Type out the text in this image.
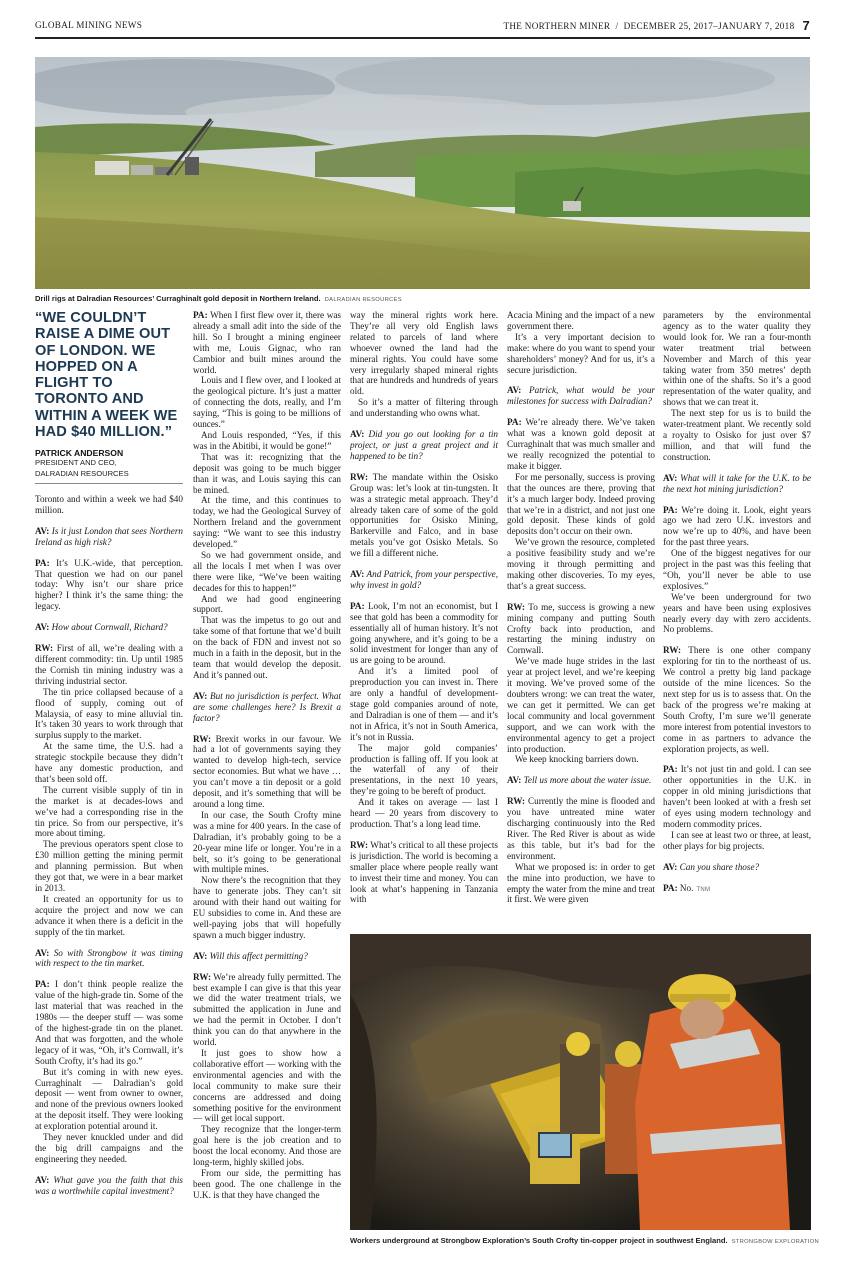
GLOBAL MINING NEWS	THE NORTHERN MINER  /  DECEMBER 25, 2017–JANUARY 7, 2018 7
Drill rigs at Dalradian Resources’ Curraghinalt gold deposit in Northern Ireland. DALRADIAN RESOURCES
“WE COULDN’T RAISE A DIME OUT OF LONDON. WE HOPPED ON A FLIGHT TO TORONTO AND WITHIN A WEEK WE HAD $40 MILLION.”
PATRICK ANDERSON
PRESIDENT AND CEO,
DALRADIAN RESOURCES

Toronto and within a week we had $40 million.

AV: Is it just London that sees Northern Ireland as high risk?

PA: It’s U.K.-wide, that perception. That question we had on our panel today: Why isn’t our share price higher? I think it’s the same thing: the legacy.

AV: How about Cornwall, Richard?

RW: First of all, we’re dealing with a different commodity: tin. Up until 1985 the Cornish tin mining industry was a thriving industrial sector.

The tin price collapsed because of a flood of supply, coming out of Malaysia, of easy to mine alluvial tin. It’s taken 30 years to work through that surplus supply to the market.

At the same time, the U.S. had a strategic stockpile because they didn’t have any domestic production, and that’s been sold off.

The current visible supply of tin in the market is at decades-lows and we’ve had a corresponding rise in the tin price. So from our perspective, it’s more about timing.

The previous operators spent close to £30 million getting the mining permit and planning permission. But when they got that, we were in a bear market in 2013.

It created an opportunity for us to acquire the project and now we can advance it when there is a deficit in the supply of the tin market.

AV: So with Strongbow it was timing with respect to the tin market.

PA: I don’t think people realize the value of the high-grade tin. Some of the last material that was reached in the 1980s — the deeper stuff — was some of the highest-grade tin on the planet. And that was forgotten, and the whole legacy of it was, “Oh, it’s Cornwall, it’s South Crofty, it’s had its go.”

But it’s coming in with new eyes. Curraghinalt — Dalradian’s gold deposit — went from owner to owner, and none of the previous owners looked at the deposit itself. They were looking at exploration potential around it.

They never knuckled under and did the big drill campaigns and the engineering they needed.

AV: What gave you the faith that this was a worthwhile capital investment?

PA: When I first flew over it, there was already a small adit into the side of the hill. So I brought a mining engineer with me, Louis Gignac, who ran Cambior and built mines around the world.

Louis and I flew over, and I looked at the geological picture. It’s just a matter of connecting the dots, really, and I’m saying, “This is going to be millions of ounces.”

And Louis responded, “Yes, if this was in the Abitibi, it would be gone!”

That was it: recognizing that the deposit was going to be much bigger than it was, and Louis saying this can be mined.

At the time, and this continues to today, we had the Geological Survey of Northern Ireland and the government saying: “We want to see this industry developed.”

So we had government onside, and all the locals I met when I was over there were like, “We’ve been waiting decades for this to happen!”

And we had good engineering support.

That was the impetus to go out and take some of that fortune that we’d built on the back of FDN and invest not so much in a faith in the deposit, but in the team that would develop the deposit. And it’s panned out.

AV: But no jurisdiction is perfect. What are some challenges here? Is Brexit a factor?

RW: Brexit works in our favour. We had a lot of governments saying they wanted to develop high-tech, service sector economies. But what we have … you can’t move a tin deposit or a gold deposit, and it’s something that will be around a long time.

In our case, the South Crofty mine was a mine for 400 years. In the case of Dalradian, it’s probably going to be a 20-year mine life or longer. You’re in a belt, so it’s going to be generational with multiple mines.

Now there’s the recognition that they have to generate jobs. They can’t sit around with their hand out waiting for EU subsidies to come in. And these are well-paying jobs that will hopefully spawn a much bigger industry.

AV: Will this affect permitting?

RW: We’re already fully permitted. The best example I can give is that this year we did the water treatment trials, we submitted the application in June and we had the permit in October. I don’t think you can do that anywhere in the world.

It just goes to show how a collaborative effort — working with the environmental agencies and with the local community to make sure their concerns are addressed and doing something positive for the environment — will get local support.

They recognize that the longer-term goal here is the job creation and to boost the local economy. And those are long-term, highly skilled jobs.

From our side, the permitting has been good. The one challenge in the U.K. is that they have changed the

way the mineral rights work here. They’re all very old English laws related to parcels of land where whoever owned the land had the mineral rights. You could have some very irregularly shaped mineral rights that are hundreds and hundreds of years old.

So it’s a matter of filtering through and understanding who owns what.

AV: Did you go out looking for a tin project, or just a great project and it happened to be tin?

RW: The mandate within the Osisko Group was: let’s look at tin-tungsten. It was a strategic metal approach. They’d already taken care of some of the gold opportunities for Osisko Mining, Barkerville and Falco, and in base metals you’ve got Osisko Metals. So we fill a different niche.

AV: And Patrick, from your perspective, why invest in gold?

PA: Look, I’m not an economist, but I see that gold has been a commodity for essentially all of human history. It’s not going anywhere, and it’s going to be a solid investment for longer than any of us are going to be around.

And it’s a limited pool of preproduction you can invest in. There are only a handful of development-stage gold companies around of note, and Dalradian is one of them — and it’s not in Africa, it’s not in South America, it’s not in Russia.

The major gold companies’ production is falling off. If you look at the waterfall of any of their presentations, in the next 10 years, they’re going to be bereft of product.

And it takes on average — last I heard — 20 years from discovery to production. That’s a long lead time.

RW: What’s critical to all these projects is jurisdiction. The world is becoming a smaller place where people really want to invest their time and money. You can look at what’s happening in Tanzania with

Acacia Mining and the impact of a new government there.

It’s a very important decision to make: where do you want to spend your shareholders’ money? And for us, it’s a secure jurisdiction.

AV: Patrick, what would be your milestones for success with Dalradian?

PA: We’re already there. We’ve taken what was a known gold deposit at Curraghinalt that was much smaller and we really recognized the potential to make it bigger.

For me personally, success is proving that the ounces are there, proving that it’s a much larger body. Indeed proving that we’re in a district, and not just one gold deposit. These kinds of gold deposits don’t occur on their own.

We’ve grown the resource, completed a positive feasibility study and we’re moving it through permitting and making other discoveries. To my eyes, that’s a great success.

RW: To me, success is growing a new mining company and putting South Crofty back into production, and restarting the mining industry on Cornwall.

We’ve made huge strides in the last year at project level, and we’re keeping it moving. We’ve proved some of the doubters wrong: we can treat the water, we can get it permitted. We can get local community and local government support, and we can work with the environmental agency to get a project into production.

We keep knocking barriers down.

AV: Tell us more about the water issue.

RW: Currently the mine is flooded and you have untreated mine water discharging continuously into the Red River. The Red River is about as wide as this table, but it’s bad for the environment.

What we proposed is: in order to get the mine into production, we have to empty the water from the mine and treat it first. We were given

parameters by the environmental agency as to the water quality they would look for. We ran a four-month water treatment trial between November and March of this year taking water from 350 metres’ depth within one of the shafts. So it’s a good representation of the water quality, and shows that we can treat it.

The next step for us is to build the water-treatment plant. We recently sold a royalty to Osisko for just over $7 million, and that will fund the construction.

AV: What will it take for the U.K. to be the next hot mining jurisdiction?

PA: We’re doing it. Look, eight years ago we had zero U.K. investors and now we’re up to 40%, and have been for the past three years.

One of the biggest negatives for our project in the past was this feeling that “Oh, you’ll never be able to use explosives.”

We’ve been underground for two years and have been using explosives nearly every day with zero accidents. No problems.

RW: There is one other company exploring for tin to the northeast of us. We control a pretty big land package outside of the mine licences. So the next step for us is to assess that. On the back of the progress we’re making at South Crofty, I’m sure we’ll generate more interest from potential investors to come in as partners to advance the exploration projects, as well.

PA: It’s not just tin and gold. I can see other opportunities in the U.K. in copper in old mining jurisdictions that haven’t been looked at with a fresh set of eyes using modern technology and modern commodity prices.

I can see at least two or three, at least, other plays for big projects.

AV: Can you share those?

PA: No. TNM

Workers underground at Strongbow Exploration’s South Crofty tin-copper project in southwest England. STRONGBOW EXPLORATION
